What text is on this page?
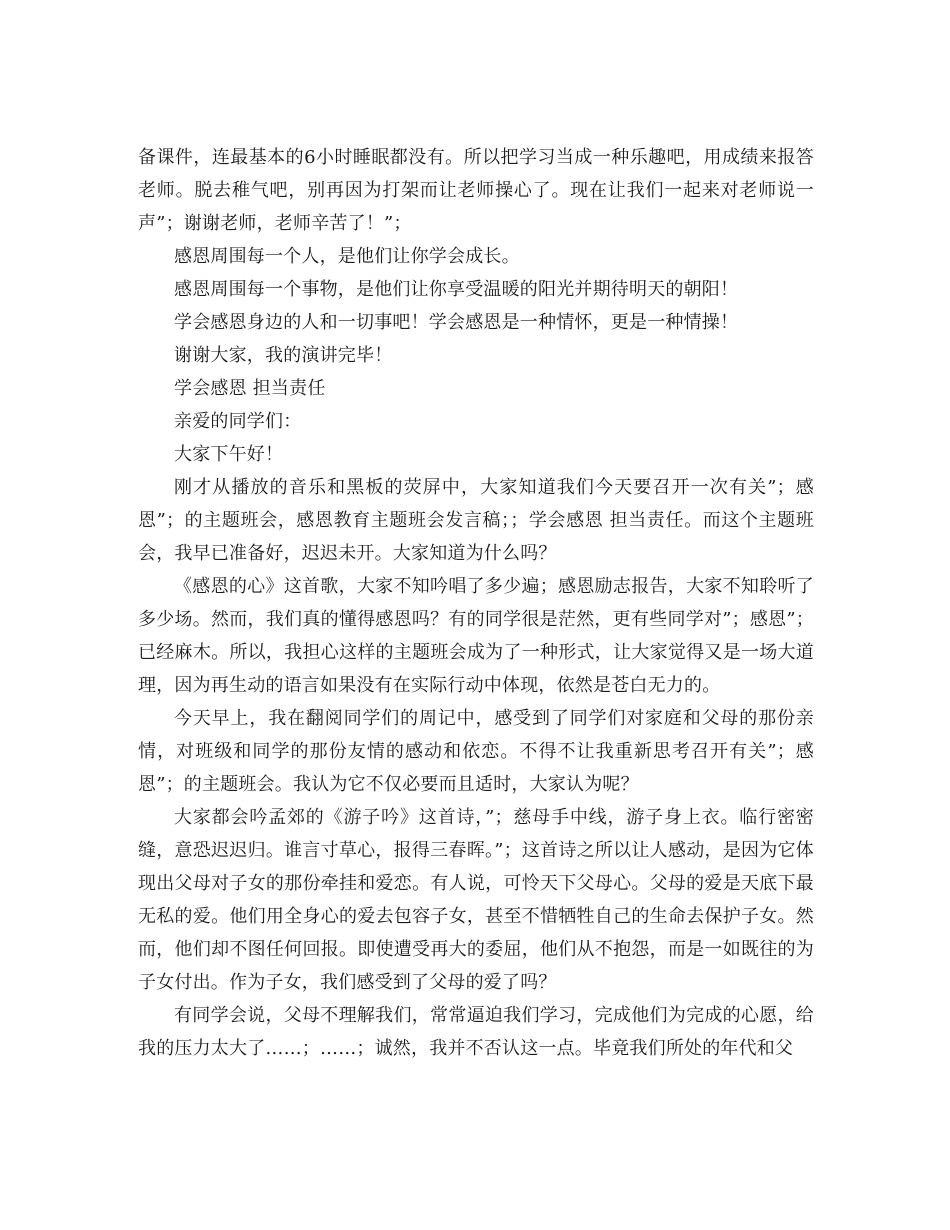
备课件，连最基本的6小时睡眠都没有。所以把学习当成一种乐趣吧，用成绩来报答老师。脱去稚气吧，别再因为打架而让老师操心了。现在让我们一起来对老师说一声”；谢谢老师，老师辛苦了！”；

感恩周围每一个人，是他们让你学会成长。

感恩周围每一个事物，是他们让你享受温暖的阳光并期待明天的朝阳！

学会感恩身边的人和一切事吧！学会感恩是一种情怀，更是一种情操！

谢谢大家，我的演讲完毕！

学会感恩 担当责任

亲爱的同学们：

大家下午好！

刚才从播放的音乐和黑板的荧屏中，大家知道我们今天要召开一次有关”；感恩”；的主题班会，感恩教育主题班会发言稿；；学会感恩 担当责任。而这个主题班会，我早已准备好，迟迟未开。大家知道为什么吗？

《感恩的心》这首歌，大家不知吟唱了多少遍；感恩励志报告，大家不知聆听了多少场。然而，我们真的懂得感恩吗？有的同学很是茫然，更有些同学对”；感恩”；已经麻木。所以，我担心这样的主题班会成为了一种形式，让大家觉得又是一场大道理，因为再生动的语言如果没有在实际行动中体现，依然是苍白无力的。

今天早上，我在翻阅同学们的周记中，感受到了同学们对家庭和父母的那份亲情，对班级和同学的那份友情的感动和依恋。不得不让我重新思考召开有关”；感恩”；的主题班会。我认为它不仅必要而且适时，大家认为呢？

大家都会吟孟郊的《游子吟》这首诗，”；慈母手中线，游子身上衣。临行密密缝，意恐迟迟归。谁言寸草心，报得三春晖。”；这首诗之所以让人感动，是因为它体现出父母对子女的那份牵挂和爱恋。有人说，可怜天下父母心。父母的爱是天底下最无私的爱。他们用全身心的爱去包容子女，甚至不惜牺牲自己的生命去保护子女。然而，他们却不图任何回报。即使遭受再大的委屈，他们从不抱怨，而是一如既往的为子女付出。作为子女，我们感受到了父母的爱了吗？

有同学会说，父母不理解我们，常常逼迫我们学习，完成他们为完成的心愿，给我的压力太大了……；……；诚然，我并不否认这一点。毕竟我们所处的年代和父
